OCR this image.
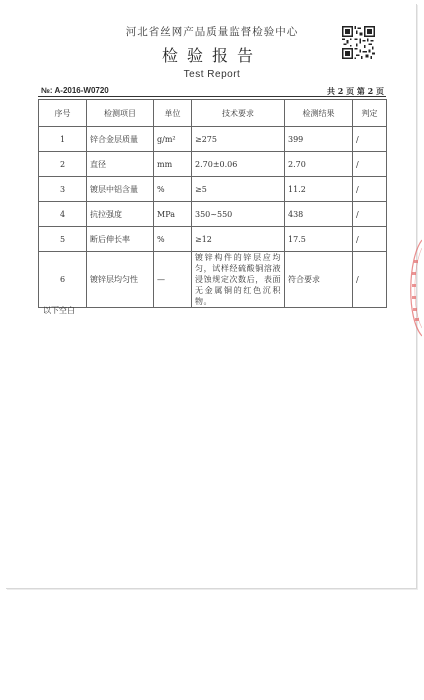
河北省丝网产品质量监督检验中心
检验报告
Test Report
№: A-2016-W0720	共 2 页 第 2 页
序号	检测项目	单位	技术要求	检测结果	判定
1	锌合金层质量	g/m²	≥275	399	/
2	直径	mm	2.70±0.06	2.70	/
3	镀层中铝含量	%	≥5	11.2	/
4	抗拉强度	MPa	350~550	438	/
5	断后伸长率	%	≥12	17.5	/
6	镀锌层均匀性	—	镀锌构件的锌层应均匀，试样经硫酸铜溶液浸蚀规定次数后，表面无金属铜的红色沉积物。	符合要求	/
以下空白
